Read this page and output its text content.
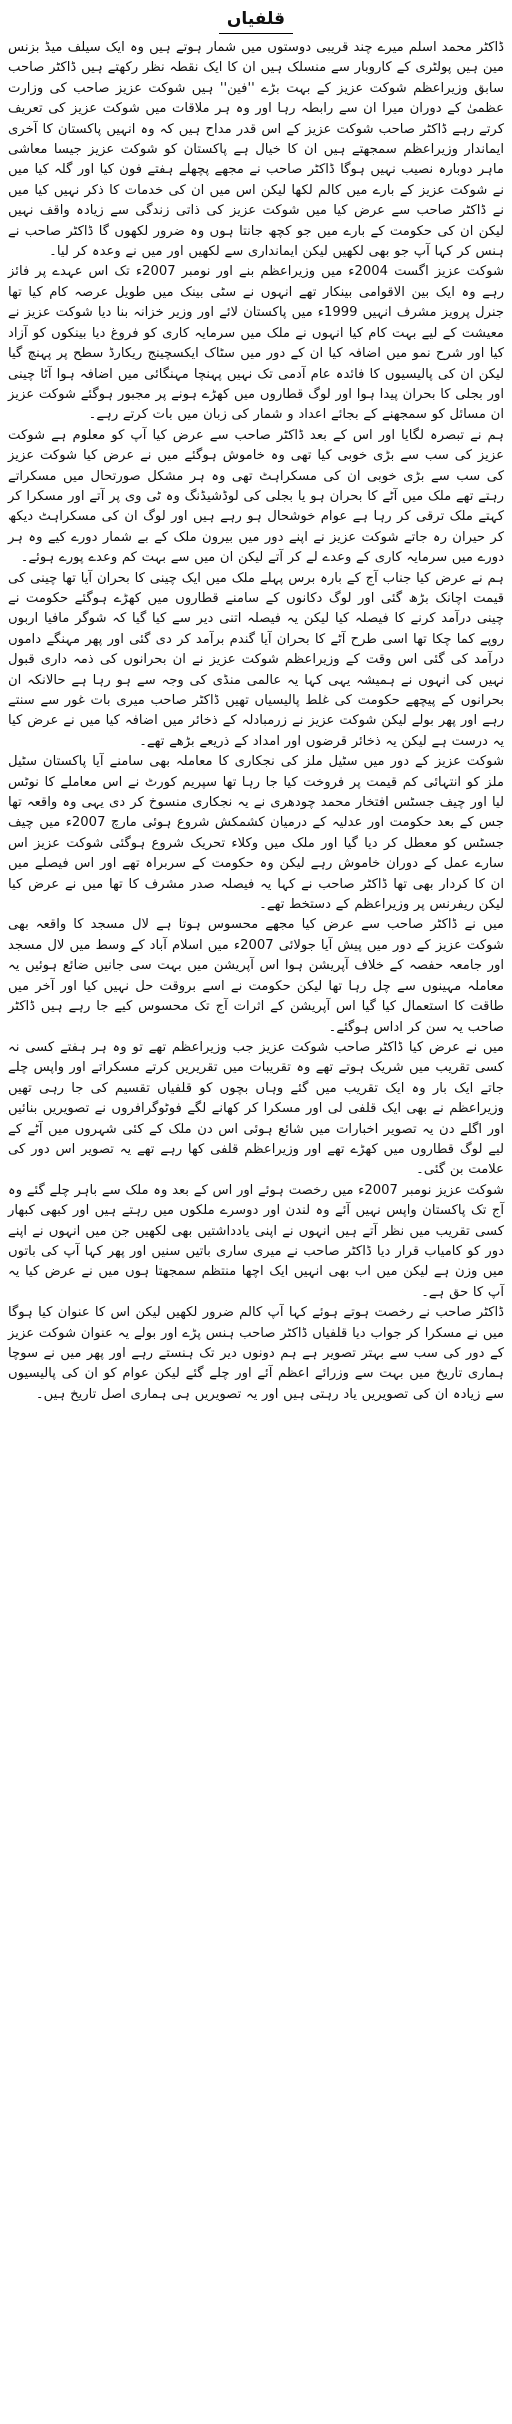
قلفیاں

ڈاکٹر محمد اسلم میرے چند قریبی دوستوں میں شمار ہوتے ہیں وہ ایک سیلف میڈ بزنس مین ہیں پولٹری کے کاروبار سے منسلک ہیں ان کا ایک نقطہ نظر رکھتے ہیں ڈاکٹر صاحب سابق وزیراعظم شوکت عزیز کے بہت بڑے ''فین'' ہیں شوکت عزیز صاحب کی وزارت عظمیٰ کے دوران میرا ان سے رابطہ رہا اور وہ ہر ملاقات میں شوکت عزیز کی تعریف کرتے رہے ڈاکٹر صاحب شوکت عزیز کے اس قدر مداح ہیں کہ وہ انہیں پاکستان کا آخری ایماندار وزیراعظم سمجھتے ہیں ان کا خیال ہے پاکستان کو شوکت عزیز جیسا معاشی ماہر دوبارہ نصیب نہیں ہوگا ڈاکٹر صاحب نے مجھے پچھلے ہفتے فون کیا اور گلہ کیا میں نے شوکت عزیز کے بارے میں کالم لکھا لیکن اس میں ان کی خدمات کا ذکر نہیں کیا میں نے ڈاکٹر صاحب سے عرض کیا میں شوکت عزیز کی ذاتی زندگی سے زیادہ واقف نہیں لیکن ان کی حکومت کے بارے میں جو کچھ جانتا ہوں وہ ضرور لکھوں گا ڈاکٹر صاحب نے ہنس کر کہا آپ جو بھی لکھیں لیکن ایمانداری سے لکھیں اور میں نے وعدہ کر لیا۔

شوکت عزیز اگست 2004ء میں وزیراعظم بنے اور نومبر 2007ء تک اس عہدے پر فائز رہے وہ ایک بین الاقوامی بینکار تھے انہوں نے سٹی بینک میں طویل عرصہ کام کیا تھا جنرل پرویز مشرف انہیں 1999ء میں پاکستان لائے اور وزیر خزانہ بنا دیا شوکت عزیز نے معیشت کے لیے بہت کام کیا انہوں نے ملک میں سرمایہ کاری کو فروغ دیا بینکوں کو آزاد کیا اور شرح نمو میں اضافہ کیا ان کے دور میں سٹاک ایکسچینج ریکارڈ سطح پر پہنچ گیا لیکن ان کی پالیسیوں کا فائدہ عام آدمی تک نہیں پہنچا مہنگائی میں اضافہ ہوا آٹا چینی اور بجلی کا بحران پیدا ہوا اور لوگ قطاروں میں کھڑے ہونے پر مجبور ہوگئے شوکت عزیز ان مسائل کو سمجھنے کے بجائے اعداد و شمار کی زبان میں بات کرتے رہے۔

ہم نے تبصرہ لگایا اور اس کے بعد ڈاکٹر صاحب سے عرض کیا آپ کو معلوم ہے شوکت عزیز کی سب سے بڑی خوبی کیا تھی وہ خاموش ہوگئے میں نے عرض کیا شوکت عزیز کی سب سے بڑی خوبی ان کی مسکراہٹ تھی وہ ہر مشکل صورتحال میں مسکراتے رہتے تھے ملک میں آٹے کا بحران ہو یا بجلی کی لوڈشیڈنگ وہ ٹی وی پر آتے اور مسکرا کر کہتے ملک ترقی کر رہا ہے عوام خوشحال ہو رہے ہیں اور لوگ ان کی مسکراہٹ دیکھ کر حیران رہ جاتے شوکت عزیز نے اپنے دور میں بیرون ملک کے بے شمار دورے کیے وہ ہر دورے میں سرمایہ کاری کے وعدے لے کر آتے لیکن ان میں سے بہت کم وعدے پورے ہوئے۔

ہم نے عرض کیا جناب آج کے بارہ برس پہلے ملک میں ایک چینی کا بحران آیا تھا چینی کی قیمت اچانک بڑھ گئی اور لوگ دکانوں کے سامنے قطاروں میں کھڑے ہوگئے حکومت نے چینی درآمد کرنے کا فیصلہ کیا لیکن یہ فیصلہ اتنی دیر سے کیا گیا کہ شوگر مافیا اربوں روپے کما چکا تھا اسی طرح آٹے کا بحران آیا گندم برآمد کر دی گئی اور پھر مہنگے داموں درآمد کی گئی اس وقت کے وزیراعظم شوکت عزیز نے ان بحرانوں کی ذمہ داری قبول نہیں کی انہوں نے ہمیشہ یہی کہا یہ عالمی منڈی کی وجہ سے ہو رہا ہے حالانکہ ان بحرانوں کے پیچھے حکومت کی غلط پالیسیاں تھیں ڈاکٹر صاحب میری بات غور سے سنتے رہے اور پھر بولے لیکن شوکت عزیز نے زرمبادلہ کے ذخائر میں اضافہ کیا میں نے عرض کیا یہ درست ہے لیکن یہ ذخائر قرضوں اور امداد کے ذریعے بڑھے تھے۔

شوکت عزیز کے دور میں سٹیل ملز کی نجکاری کا معاملہ بھی سامنے آیا پاکستان سٹیل ملز کو انتہائی کم قیمت پر فروخت کیا جا رہا تھا سپریم کورٹ نے اس معاملے کا نوٹس لیا اور چیف جسٹس افتخار محمد چودھری نے یہ نجکاری منسوخ کر دی یہی وہ واقعہ تھا جس کے بعد حکومت اور عدلیہ کے درمیان کشمکش شروع ہوئی مارچ 2007ء میں چیف جسٹس کو معطل کر دیا گیا اور ملک میں وکلاء تحریک شروع ہوگئی شوکت عزیز اس سارے عمل کے دوران خاموش رہے لیکن وہ حکومت کے سربراہ تھے اور اس فیصلے میں ان کا کردار بھی تھا ڈاکٹر صاحب نے کہا یہ فیصلہ صدر مشرف کا تھا میں نے عرض کیا لیکن ریفرنس پر وزیراعظم کے دستخط تھے۔

میں نے ڈاکٹر صاحب سے عرض کیا مجھے محسوس ہوتا ہے لال مسجد کا واقعہ بھی شوکت عزیز کے دور میں پیش آیا جولائی 2007ء میں اسلام آباد کے وسط میں لال مسجد اور جامعہ حفصہ کے خلاف آپریشن ہوا اس آپریشن میں بہت سی جانیں ضائع ہوئیں یہ معاملہ مہینوں سے چل رہا تھا لیکن حکومت نے اسے بروقت حل نہیں کیا اور آخر میں طاقت کا استعمال کیا گیا اس آپریشن کے اثرات آج تک محسوس کیے جا رہے ہیں ڈاکٹر صاحب یہ سن کر اداس ہوگئے۔

میں نے عرض کیا ڈاکٹر صاحب شوکت عزیز جب وزیراعظم تھے تو وہ ہر ہفتے کسی نہ کسی تقریب میں شریک ہوتے تھے وہ تقریبات میں تقریریں کرتے مسکراتے اور واپس چلے جاتے ایک بار وہ ایک تقریب میں گئے وہاں بچوں کو قلفیاں تقسیم کی جا رہی تھیں وزیراعظم نے بھی ایک قلفی لی اور مسکرا کر کھانے لگے فوٹوگرافروں نے تصویریں بنائیں اور اگلے دن یہ تصویر اخبارات میں شائع ہوئی اس دن ملک کے کئی شہروں میں آٹے کے لیے لوگ قطاروں میں کھڑے تھے اور وزیراعظم قلفی کھا رہے تھے یہ تصویر اس دور کی علامت بن گئی۔

شوکت عزیز نومبر 2007ء میں رخصت ہوئے اور اس کے بعد وہ ملک سے باہر چلے گئے وہ آج تک پاکستان واپس نہیں آئے وہ لندن اور دوسرے ملکوں میں رہتے ہیں اور کبھی کبھار کسی تقریب میں نظر آتے ہیں انہوں نے اپنی یادداشتیں بھی لکھیں جن میں انہوں نے اپنے دور کو کامیاب قرار دیا ڈاکٹر صاحب نے میری ساری باتیں سنیں اور پھر کہا آپ کی باتوں میں وزن ہے لیکن میں اب بھی انہیں ایک اچھا منتظم سمجھتا ہوں میں نے عرض کیا یہ آپ کا حق ہے۔

ڈاکٹر صاحب نے رخصت ہوتے ہوئے کہا آپ کالم ضرور لکھیں لیکن اس کا عنوان کیا ہوگا میں نے مسکرا کر جواب دیا قلفیاں ڈاکٹر صاحب ہنس پڑے اور بولے یہ عنوان شوکت عزیز کے دور کی سب سے بہتر تصویر ہے ہم دونوں دیر تک ہنستے رہے اور پھر میں نے سوچا ہماری تاریخ میں بہت سے وزرائے اعظم آئے اور چلے گئے لیکن عوام کو ان کی پالیسیوں سے زیادہ ان کی تصویریں یاد رہتی ہیں اور یہ تصویریں ہی ہماری اصل تاریخ ہیں۔
